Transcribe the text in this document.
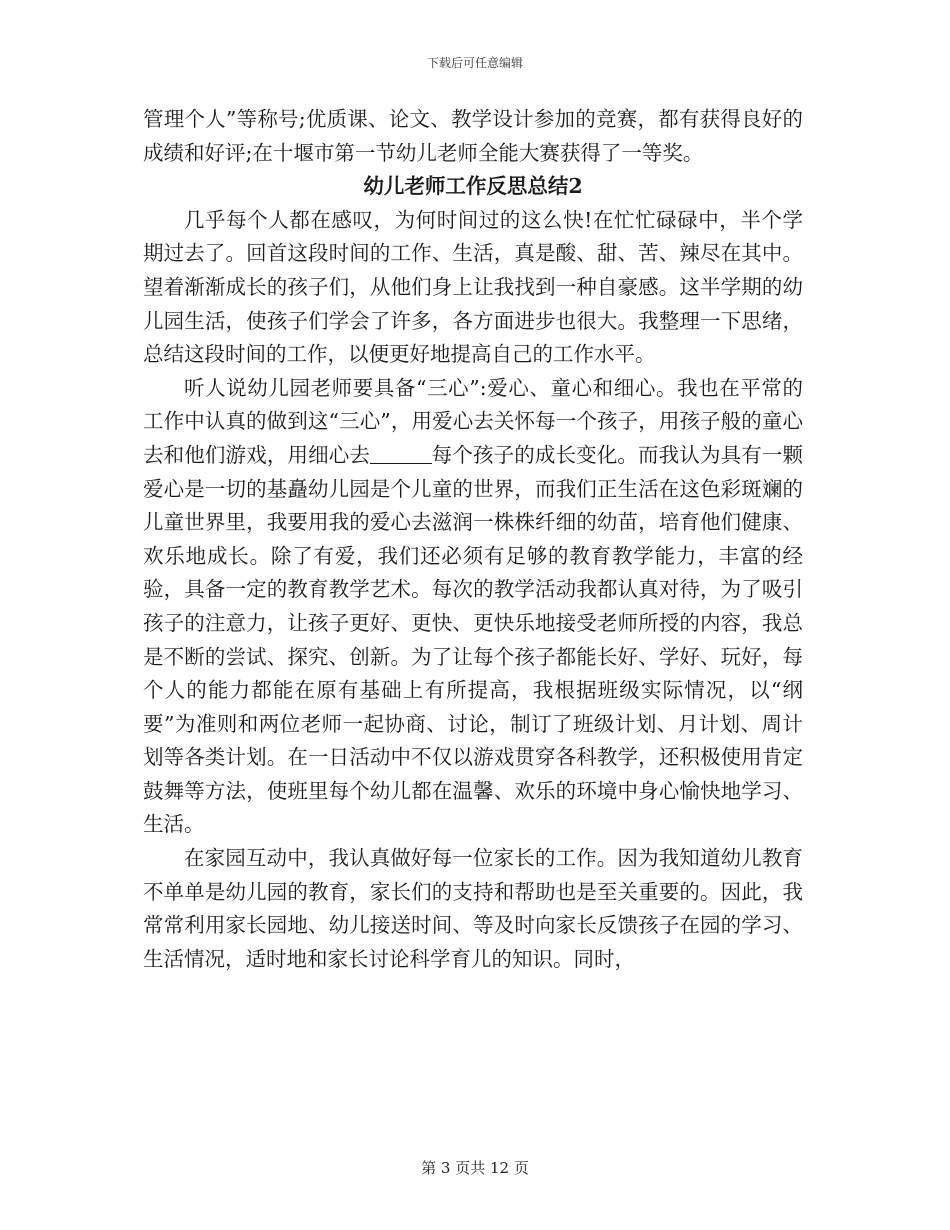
下载后可任意编辑

管理个人”等称号;优质课、论文、教学设计参加的竞赛，都有获得良好的成绩和好评;在十堰市第一节幼儿老师全能大赛获得了一等奖。

幼儿老师工作反思总结2

几乎每个人都在感叹，为何时间过的这么快!在忙忙碌碌中，半个学期过去了。回首这段时间的工作、生活，真是酸、甜、苦、辣尽在其中。望着渐渐成长的孩子们，从他们身上让我找到一种自豪感。这半学期的幼儿园生活，使孩子们学会了许多，各方面进步也很大。我整理一下思绪，总结这段时间的工作，以便更好地提高自己的工作水平。

听人说幼儿园老师要具备“三心”:爱心、童心和细心。我也在平常的工作中认真的做到这“三心”，用爱心去关怀每一个孩子，用孩子般的童心去和他们游戏，用细心去	每个孩子的成长变化。而我认为具有一颗爱心是一切的基矗幼儿园是个儿童的世界，而我们正生活在这色彩斑斓的儿童世界里，我要用我的爱心去滋润一株株纤细的幼苗，培育他们健康、欢乐地成长。除了有爱，我们还必须有足够的教育教学能力，丰富的经验，具备一定的教育教学艺术。每次的教学活动我都认真对待，为了吸引孩子的注意力，让孩子更好、更快、更快乐地接受老师所授的内容，我总是不断的尝试、探究、创新。为了让每个孩子都能长好、学好、玩好，每个人的能力都能在原有基础上有所提高，我根据班级实际情况，以“纲要”为准则和两位老师一起协商、讨论，制订了班级计划、月计划、周计划等各类计划。在一日活动中不仅以游戏贯穿各科教学，还积极使用肯定鼓舞等方法，使班里每个幼儿都在温馨、欢乐的环境中身心愉快地学习、生活。

在家园互动中，我认真做好每一位家长的工作。因为我知道幼儿教育不单单是幼儿园的教育，家长们的支持和帮助也是至关重要的。因此，我常常利用家长园地、幼儿接送时间、等及时向家长反馈孩子在园的学习、生活情况，适时地和家长讨论科学育儿的知识。同时，

第 3 页共 12 页
